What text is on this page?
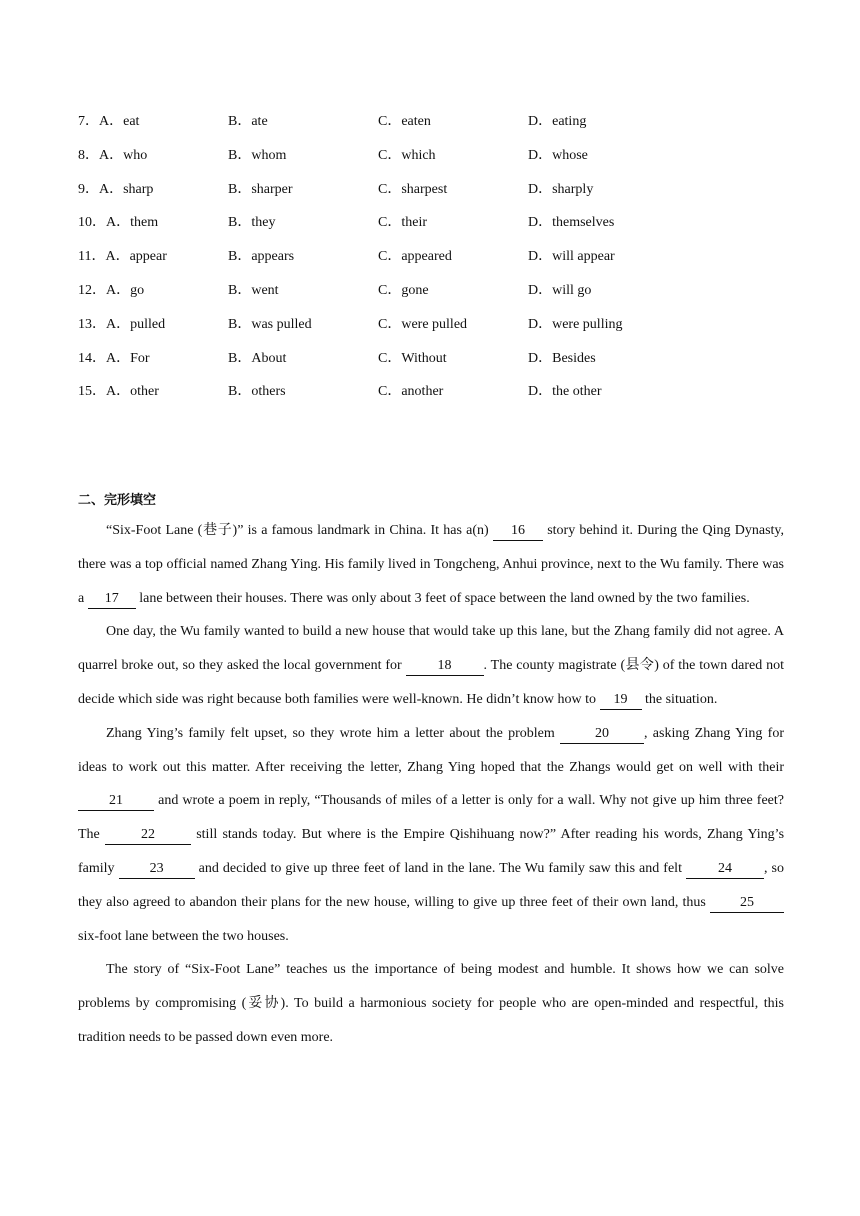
7．A．eat	B．ate	C．eaten	D．eating
8．A．who	B．whom	C．which	D．whose
9．A．sharp	B．sharper	C．sharpest	D．sharply
10．A．them	B．they	C．their	D．themselves
11．A．appear	B．appears	C．appeared	D．will appear
12．A．go	B．went	C．gone	D．will go
13．A．pulled	B．was pulled	C．were pulled	D．were pulling
14．A．For	B．About	C．Without	D．Besides
15．A．other	B．others	C．another	D．the other
二、完形填空

“Six-Foot Lane (巷子)” is a famous landmark in China. It has a(n) 16 story behind it. During the Qing Dynasty, there was a top official named Zhang Ying. His family lived in Tongcheng, Anhui province, next to the Wu family. There was a 17 lane between their houses. There was only about 3 feet of space between the land owned by the two families.

One day, the Wu family wanted to build a new house that would take up this lane, but the Zhang family did not agree. A quarrel broke out, so they asked the local government for 18 . The county magistrate (县令) of the town dared not decide which side was right because both families were well-known. He didn’t know how to 19 the situation.

Zhang Ying’s family felt upset, so they wrote him a letter about the problem	20	, asking Zhang Ying for ideas to work out this matter. After receiving the letter, Zhang Ying hoped that the Zhangs would get on well with their 21 and wrote a poem in reply, “Thousands of miles of a letter is only for a wall. Why not give up him three feet? The	22	still stands today. But where is the Empire Qishihuang now?” After reading his words, Zhang Ying’s family 23 and decided to give up three feet of land in the lane. The Wu family saw this and felt 24 , so they also agreed to abandon their plans for the new house, willing to give up three feet of their own land, thus 25 six-foot lane between the two houses.

The story of “Six-Foot Lane” teaches us the importance of being modest and humble. It shows how we can solve problems by compromising (妥协). To build a harmonious society for people who are open-minded and respectful, this tradition needs to be passed down even more.
